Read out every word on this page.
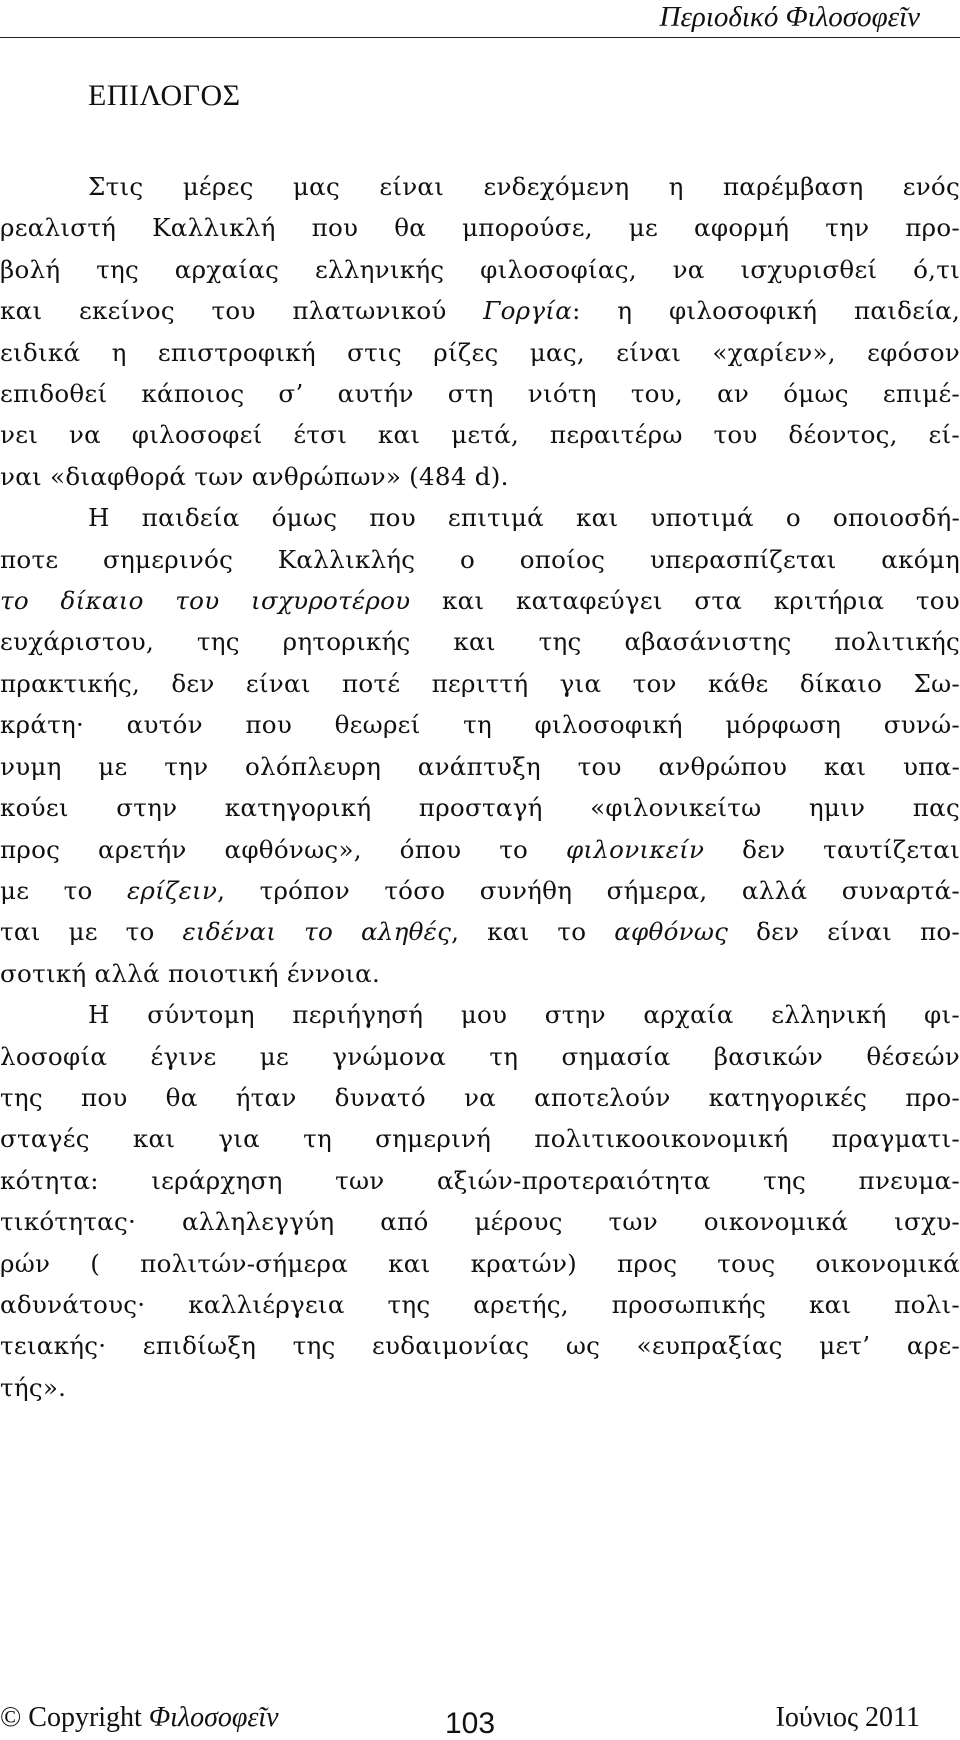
Περιοδικό Φιλοσοφεῖν
ΕΠΙΛΟΓΟΣ

Στις μέρες μας είναι ενδεχόμενη η παρέμβαση ενός
ρεαλιστή Καλλικλή που θα μπορούσε, με αφορμή την προ-
βολή της αρχαίας ελληνικής φιλοσοφίας, να ισχυρισθεί ό,τι
και εκείνος του πλατωνικού Γοργία: η φιλοσοφική παιδεία,
ειδικά η επιστροφική στις ρίζες μας, είναι «χαρίεν», εφόσον
επιδοθεί κάποιος σ’ αυτήν στη νιότη του, αν όμως επιμέ-
νει να φιλοσοφεί έτσι και μετά, περαιτέρω του δέοντος, εί-
ναι «διαφθορά των ανθρώπων» (484 d).

Η παιδεία όμως που επιτιμά και υποτιμά ο οποιοσδή-
ποτε σημερινός Καλλικλής ο οποίος υπερασπίζεται ακόμη
το δίκαιο του ισχυροτέρου και καταφεύγει στα κριτήρια του
ευχάριστου, της ρητορικής και της αβασάνιστης πολιτικής
πρακτικής, δεν είναι ποτέ περιττή για τον κάθε δίκαιο Σω-
κράτη· αυτόν που θεωρεί τη φιλοσοφική μόρφωση συνώ-
νυμη με την ολόπλευρη ανάπτυξη του ανθρώπου και υπα-
κούει στην κατηγορική προσταγή «φιλονικείτω ημιν πας
προς αρετήν αφθόνως», όπου το φιλονικείν δεν ταυτίζεται
με το ερίζειν, τρόπον τόσο συνήθη σήμερα, αλλά συναρτά-
ται με το ειδέναι το αληθές, και το αφθόνως δεν είναι πο-
σοτική αλλά ποιοτική έννοια.

Η σύντομη περιήγησή μου στην αρχαία ελληνική φι-
λοσοφία έγινε με γνώμονα τη σημασία βασικών θέσεών
της που θα ήταν δυνατό να αποτελούν κατηγορικές προ-
σταγές και για τη σημερινή πολιτικοοικονομική πραγματι-
κότητα: ιεράρχηση των αξιών-προτεραιότητα της πνευμα-
τικότητας· αλληλεγγύη από μέρους των οικονομικά ισχυ-
ρών ( πολιτών-σήμερα και κρατών) προς τους οικονομικά
αδυνάτους· καλλιέργεια της αρετής, προσωπικής και πολι-
τειακής· επιδίωξη της ευδαιμονίας ως «ευπραξίας μετ’ αρε-
τής».

© Copyright Φιλοσοφεῖν	103	Ιούνιος 2011
